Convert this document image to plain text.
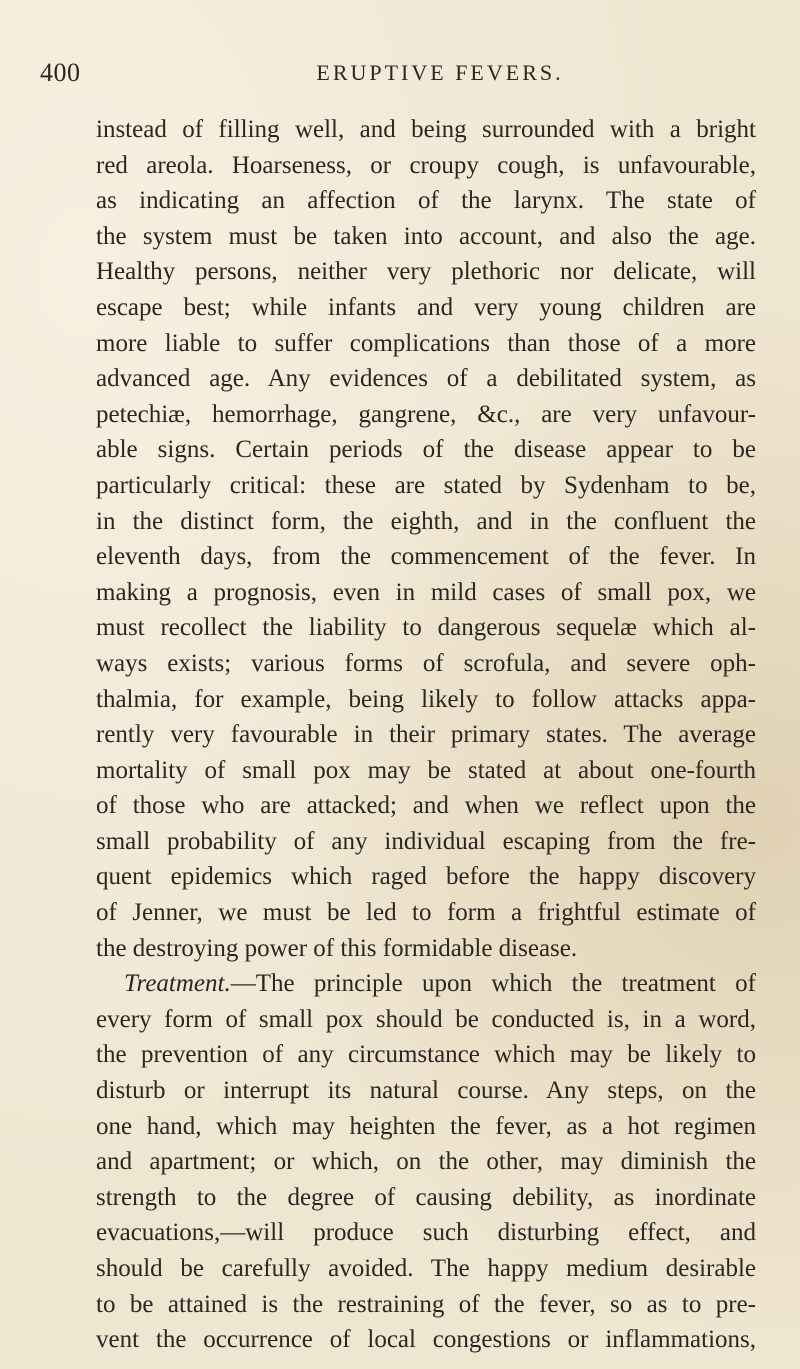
400	ERUPTIVE FEVERS.
instead of filling well, and being surrounded with a bright
red areola. Hoarseness, or croupy cough, is unfavourable,
as indicating an affection of the larynx. The state of
the system must be taken into account, and also the age.
Healthy persons, neither very plethoric nor delicate, will
escape best; while infants and very young children are
more liable to suffer complications than those of a more
advanced age. Any evidences of a debilitated system, as
petechiæ, hemorrhage, gangrene, &c., are very unfavour-
able signs. Certain periods of the disease appear to be
particularly critical: these are stated by Sydenham to be,
in the distinct form, the eighth, and in the confluent the
eleventh days, from the commencement of the fever. In
making a prognosis, even in mild cases of small pox, we
must recollect the liability to dangerous sequelæ which al-
ways exists; various forms of scrofula, and severe oph-
thalmia, for example, being likely to follow attacks appa-
rently very favourable in their primary states. The average
mortality of small pox may be stated at about one-fourth
of those who are attacked; and when we reflect upon the
small probability of any individual escaping from the fre-
quent epidemics which raged before the happy discovery
of Jenner, we must be led to form a frightful estimate of
the destroying power of this formidable disease.
Treatment.—The principle upon which the treatment of
every form of small pox should be conducted is, in a word,
the prevention of any circumstance which may be likely to
disturb or interrupt its natural course. Any steps, on the
one hand, which may heighten the fever, as a hot regimen
and apartment; or which, on the other, may diminish the
strength to the degree of causing debility, as inordinate
evacuations,—will produce such disturbing effect, and
should be carefully avoided. The happy medium desirable
to be attained is the restraining of the fever, so as to pre-
vent the occurrence of local congestions or inflammations,
